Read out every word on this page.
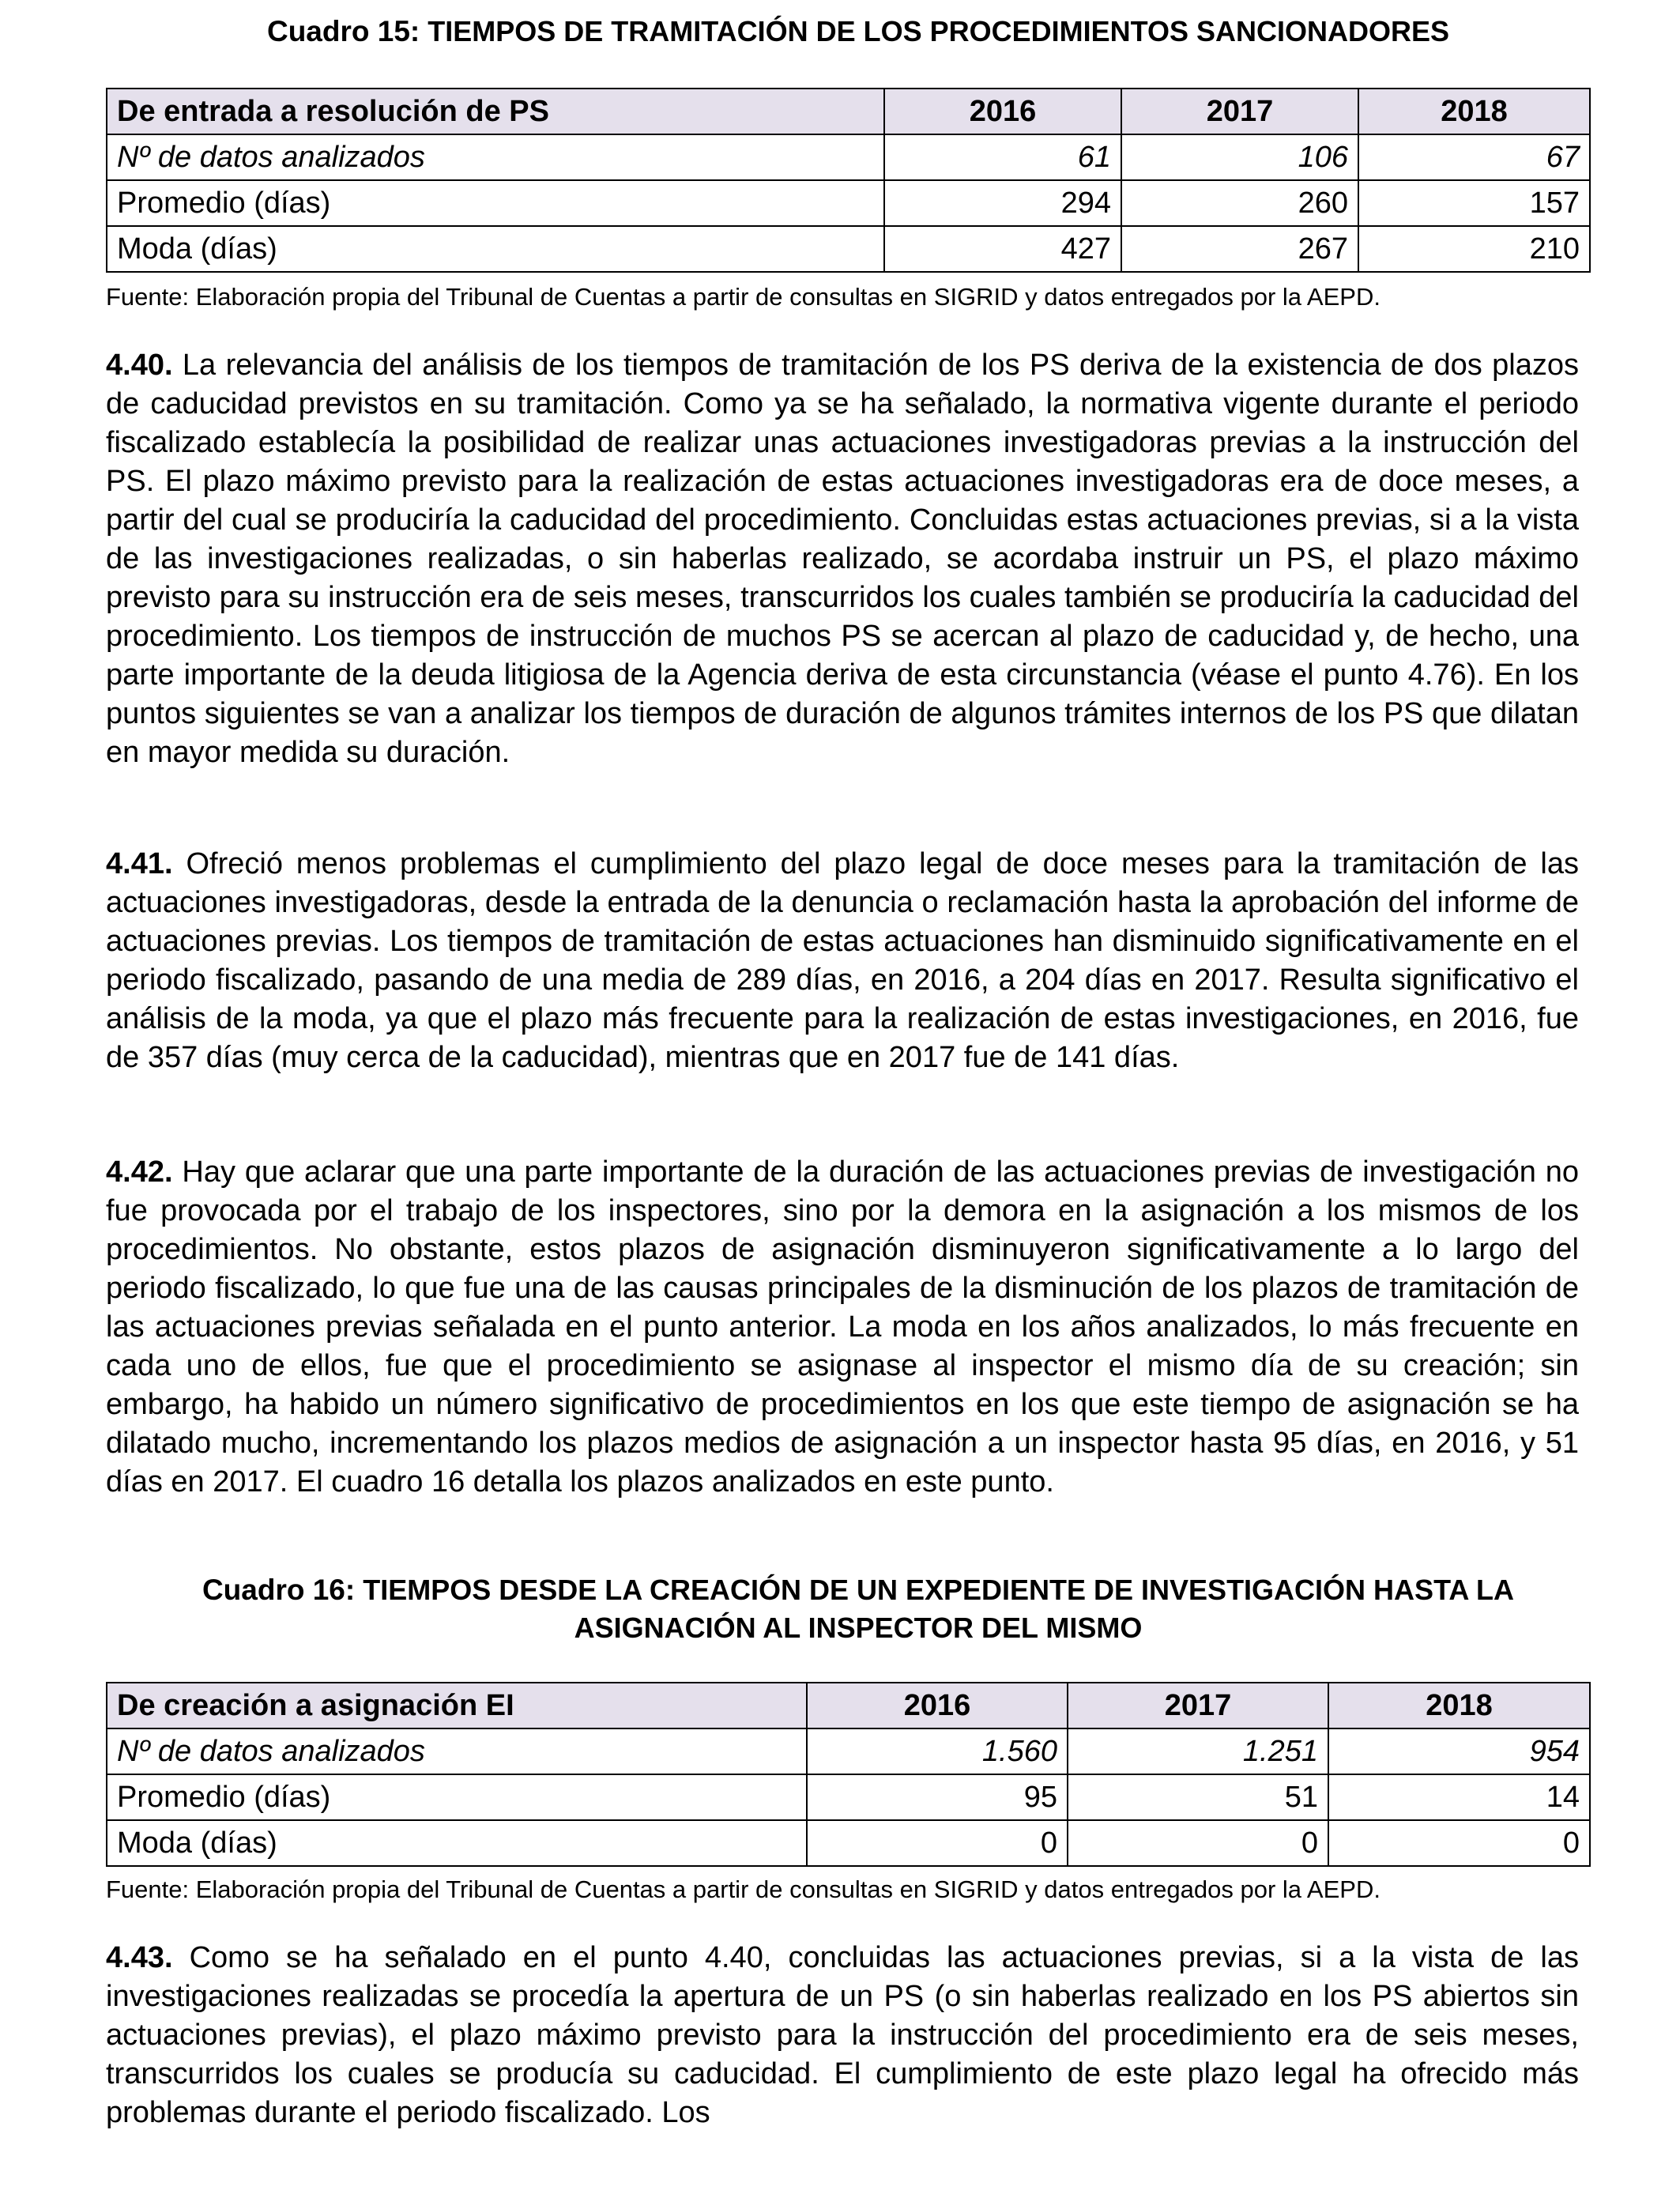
Cuadro 15: TIEMPOS DE TRAMITACIÓN DE LOS PROCEDIMIENTOS SANCIONADORES
De entrada a resolución de PS	2016	2017	2018
Nº de datos analizados	61	106	67
Promedio (días)	294	260	157
Moda (días)	427	267	210
Fuente: Elaboración propia del Tribunal de Cuentas a partir de consultas en SIGRID y datos entregados por la AEPD.

4.40. La relevancia del análisis de los tiempos de tramitación de los PS deriva de la existencia de dos plazos de caducidad previstos en su tramitación. Como ya se ha señalado, la normativa vigente durante el periodo fiscalizado establecía la posibilidad de realizar unas actuaciones investigadoras previas a la instrucción del PS. El plazo máximo previsto para la realización de estas actuaciones investigadoras era de doce meses, a partir del cual se produciría la caducidad del procedimiento. Concluidas estas actuaciones previas, si a la vista de las investigaciones realizadas, o sin haberlas realizado, se acordaba instruir un PS, el plazo máximo previsto para su instrucción era de seis meses, transcurridos los cuales también se produciría la caducidad del procedimiento. Los tiempos de instrucción de muchos PS se acercan al plazo de caducidad y, de hecho, una parte importante de la deuda litigiosa de la Agencia deriva de esta circunstancia (véase el punto 4.76). En los puntos siguientes se van a analizar los tiempos de duración de algunos trámites internos de los PS que dilatan en mayor medida su duración.

4.41. Ofreció menos problemas el cumplimiento del plazo legal de doce meses para la tramitación de las actuaciones investigadoras, desde la entrada de la denuncia o reclamación hasta la aprobación del informe de actuaciones previas. Los tiempos de tramitación de estas actuaciones han disminuido significativamente en el periodo fiscalizado, pasando de una media de 289 días, en 2016, a 204 días en 2017. Resulta significativo el análisis de la moda, ya que el plazo más frecuente para la realización de estas investigaciones, en 2016, fue de 357 días (muy cerca de la caducidad), mientras que en 2017 fue de 141 días.

4.42. Hay que aclarar que una parte importante de la duración de las actuaciones previas de investigación no fue provocada por el trabajo de los inspectores, sino por la demora en la asignación a los mismos de los procedimientos. No obstante, estos plazos de asignación disminuyeron significativamente a lo largo del periodo fiscalizado, lo que fue una de las causas principales de la disminución de los plazos de tramitación de las actuaciones previas señalada en el punto anterior. La moda en los años analizados, lo más frecuente en cada uno de ellos, fue que el procedimiento se asignase al inspector el mismo día de su creación; sin embargo, ha habido un número significativo de procedimientos en los que este tiempo de asignación se ha dilatado mucho, incrementando los plazos medios de asignación a un inspector hasta 95 días, en 2016, y 51 días en 2017. El cuadro 16 detalla los plazos analizados en este punto.

Cuadro 16: TIEMPOS DESDE LA CREACIÓN DE UN EXPEDIENTE DE INVESTIGACIÓN HASTA LA ASIGNACIÓN AL INSPECTOR DEL MISMO
De creación a asignación EI	2016	2017	2018
Nº de datos analizados	1.560	1.251	954
Promedio (días)	95	51	14
Moda (días)	0	0	0
Fuente: Elaboración propia del Tribunal de Cuentas a partir de consultas en SIGRID y datos entregados por la AEPD.

4.43. Como se ha señalado en el punto 4.40, concluidas las actuaciones previas, si a la vista de las investigaciones realizadas se procedía la apertura de un PS (o sin haberlas realizado en los PS abiertos sin actuaciones previas), el plazo máximo previsto para la instrucción del procedimiento era de seis meses, transcurridos los cuales se producía su caducidad. El cumplimiento de este plazo legal ha ofrecido más problemas durante el periodo fiscalizado. Los
